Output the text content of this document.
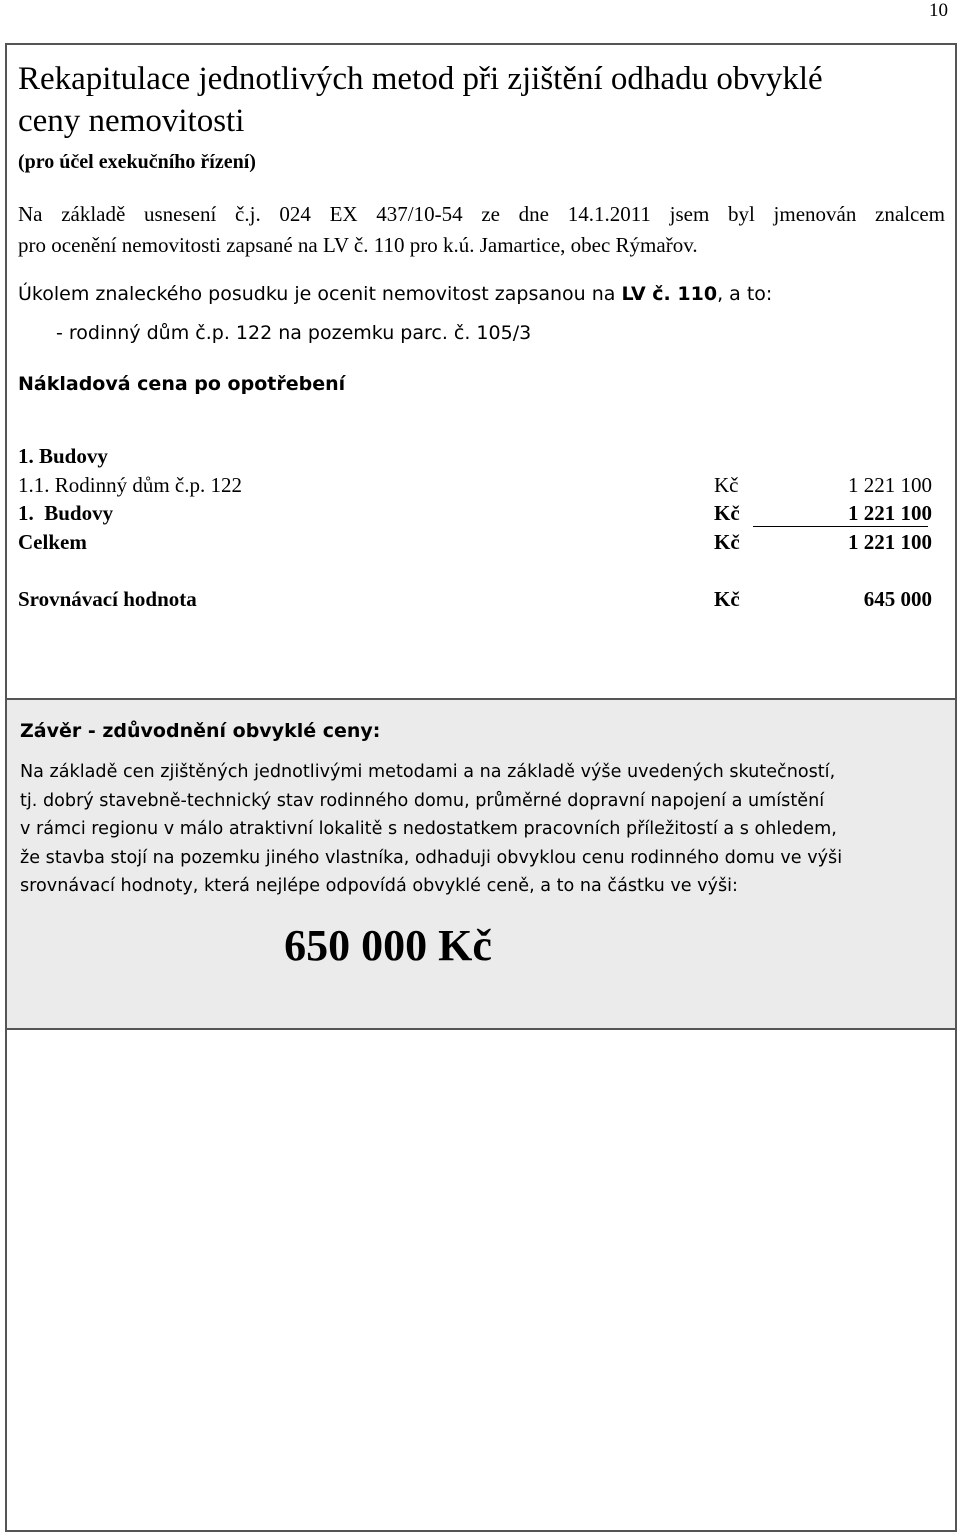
10
Rekapitulace jednotlivých metod při zjištění odhadu obvyklé
ceny nemovitosti
(pro účel exekučního řízení)
Na základě usnesení č.j. 024 EX 437/10-54 ze dne 14.1.2011 jsem byl jmenován znalcem
pro ocenění nemovitosti zapsané na LV č. 110 pro k.ú. Jamartice, obec Rýmařov.
Úkolem znaleckého posudku je ocenit nemovitost zapsanou na LV č. 110, a to:
- rodinný dům č.p. 122 na pozemku parc. č. 105/3
Nákladová cena po opotřebení
1. Budovy
1.1. Rodinný dům č.p. 122	Kč	1 221 100
1.  Budovy	Kč	1 221 100
Celkem	Kč	1 221 100
Srovnávací hodnota	Kč	645 000
Závěr - zdůvodnění obvyklé ceny:
Na základě cen zjištěných jednotlivými metodami a na základě výše uvedených skutečností,
tj. dobrý stavebně-technický stav rodinného domu, průměrné dopravní napojení a umístění
v rámci regionu v málo atraktivní lokalitě s nedostatkem pracovních příležitostí a s ohledem,
že stavba stojí na pozemku jiného vlastníka, odhaduji obvyklou cenu rodinného domu ve výši
srovnávací hodnoty, která nejlépe odpovídá obvyklé ceně, a to na částku ve výši:
650 000 Kč
